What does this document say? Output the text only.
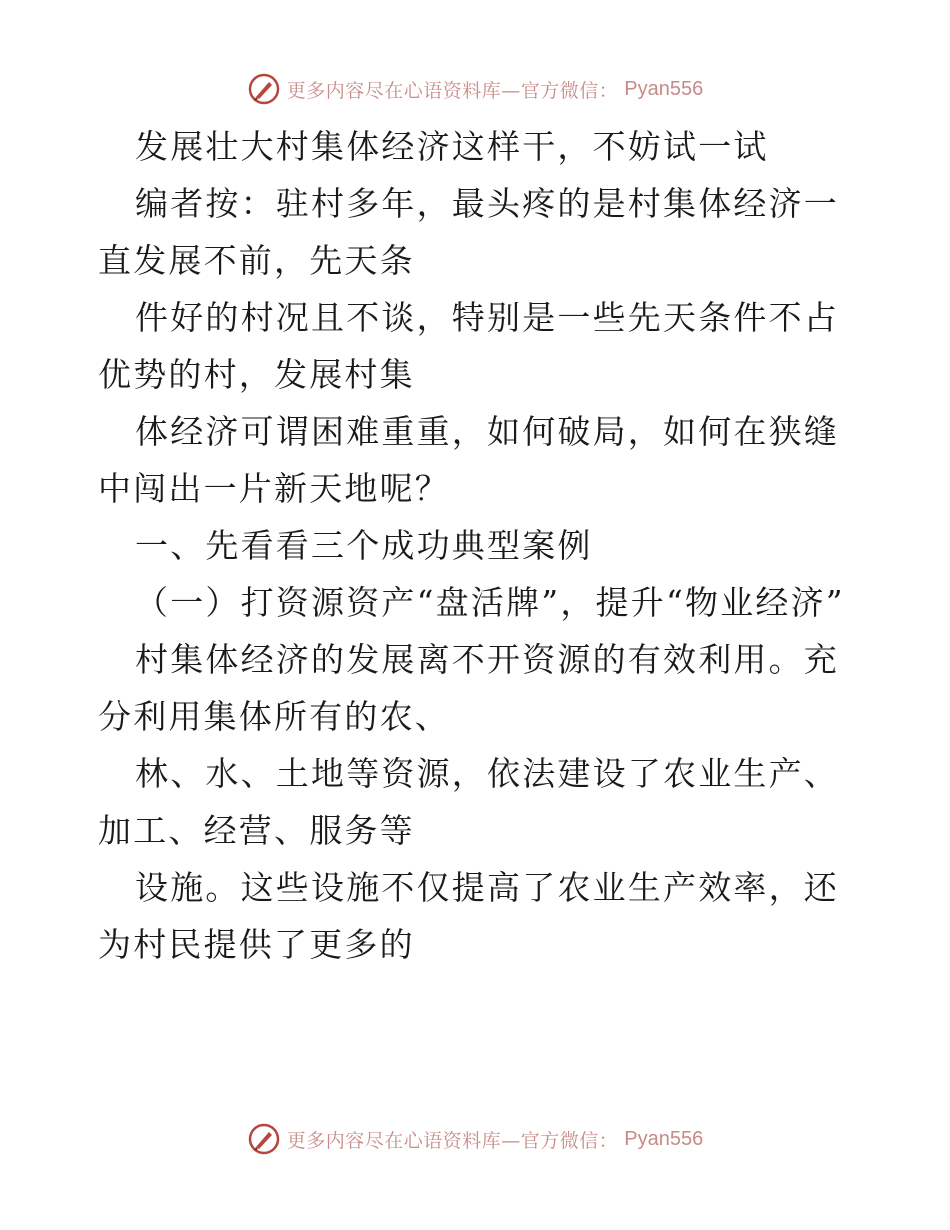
更多内容尽在心语资料库—官方微信： Pyan556

发展壮大村集体经济这样干，不妨试一试

编者按：驻村多年，最头疼的是村集体经济一直发展不前，先天条

件好的村况且不谈，特别是一些先天条件不占优势的村，发展村集

体经济可谓困难重重，如何破局，如何在狭缝中闯出一片新天地呢？

一、先看看三个成功典型案例

（一）打资源资产“盘活牌”，提升“物业经济”

村集体经济的发展离不开资源的有效利用。充分利用集体所有的农、

林、水、土地等资源，依法建设了农业生产、加工、经营、服务等

设施。这些设施不仅提高了农业生产效率，还为村民提供了更多的

更多内容尽在心语资料库—官方微信： Pyan556
